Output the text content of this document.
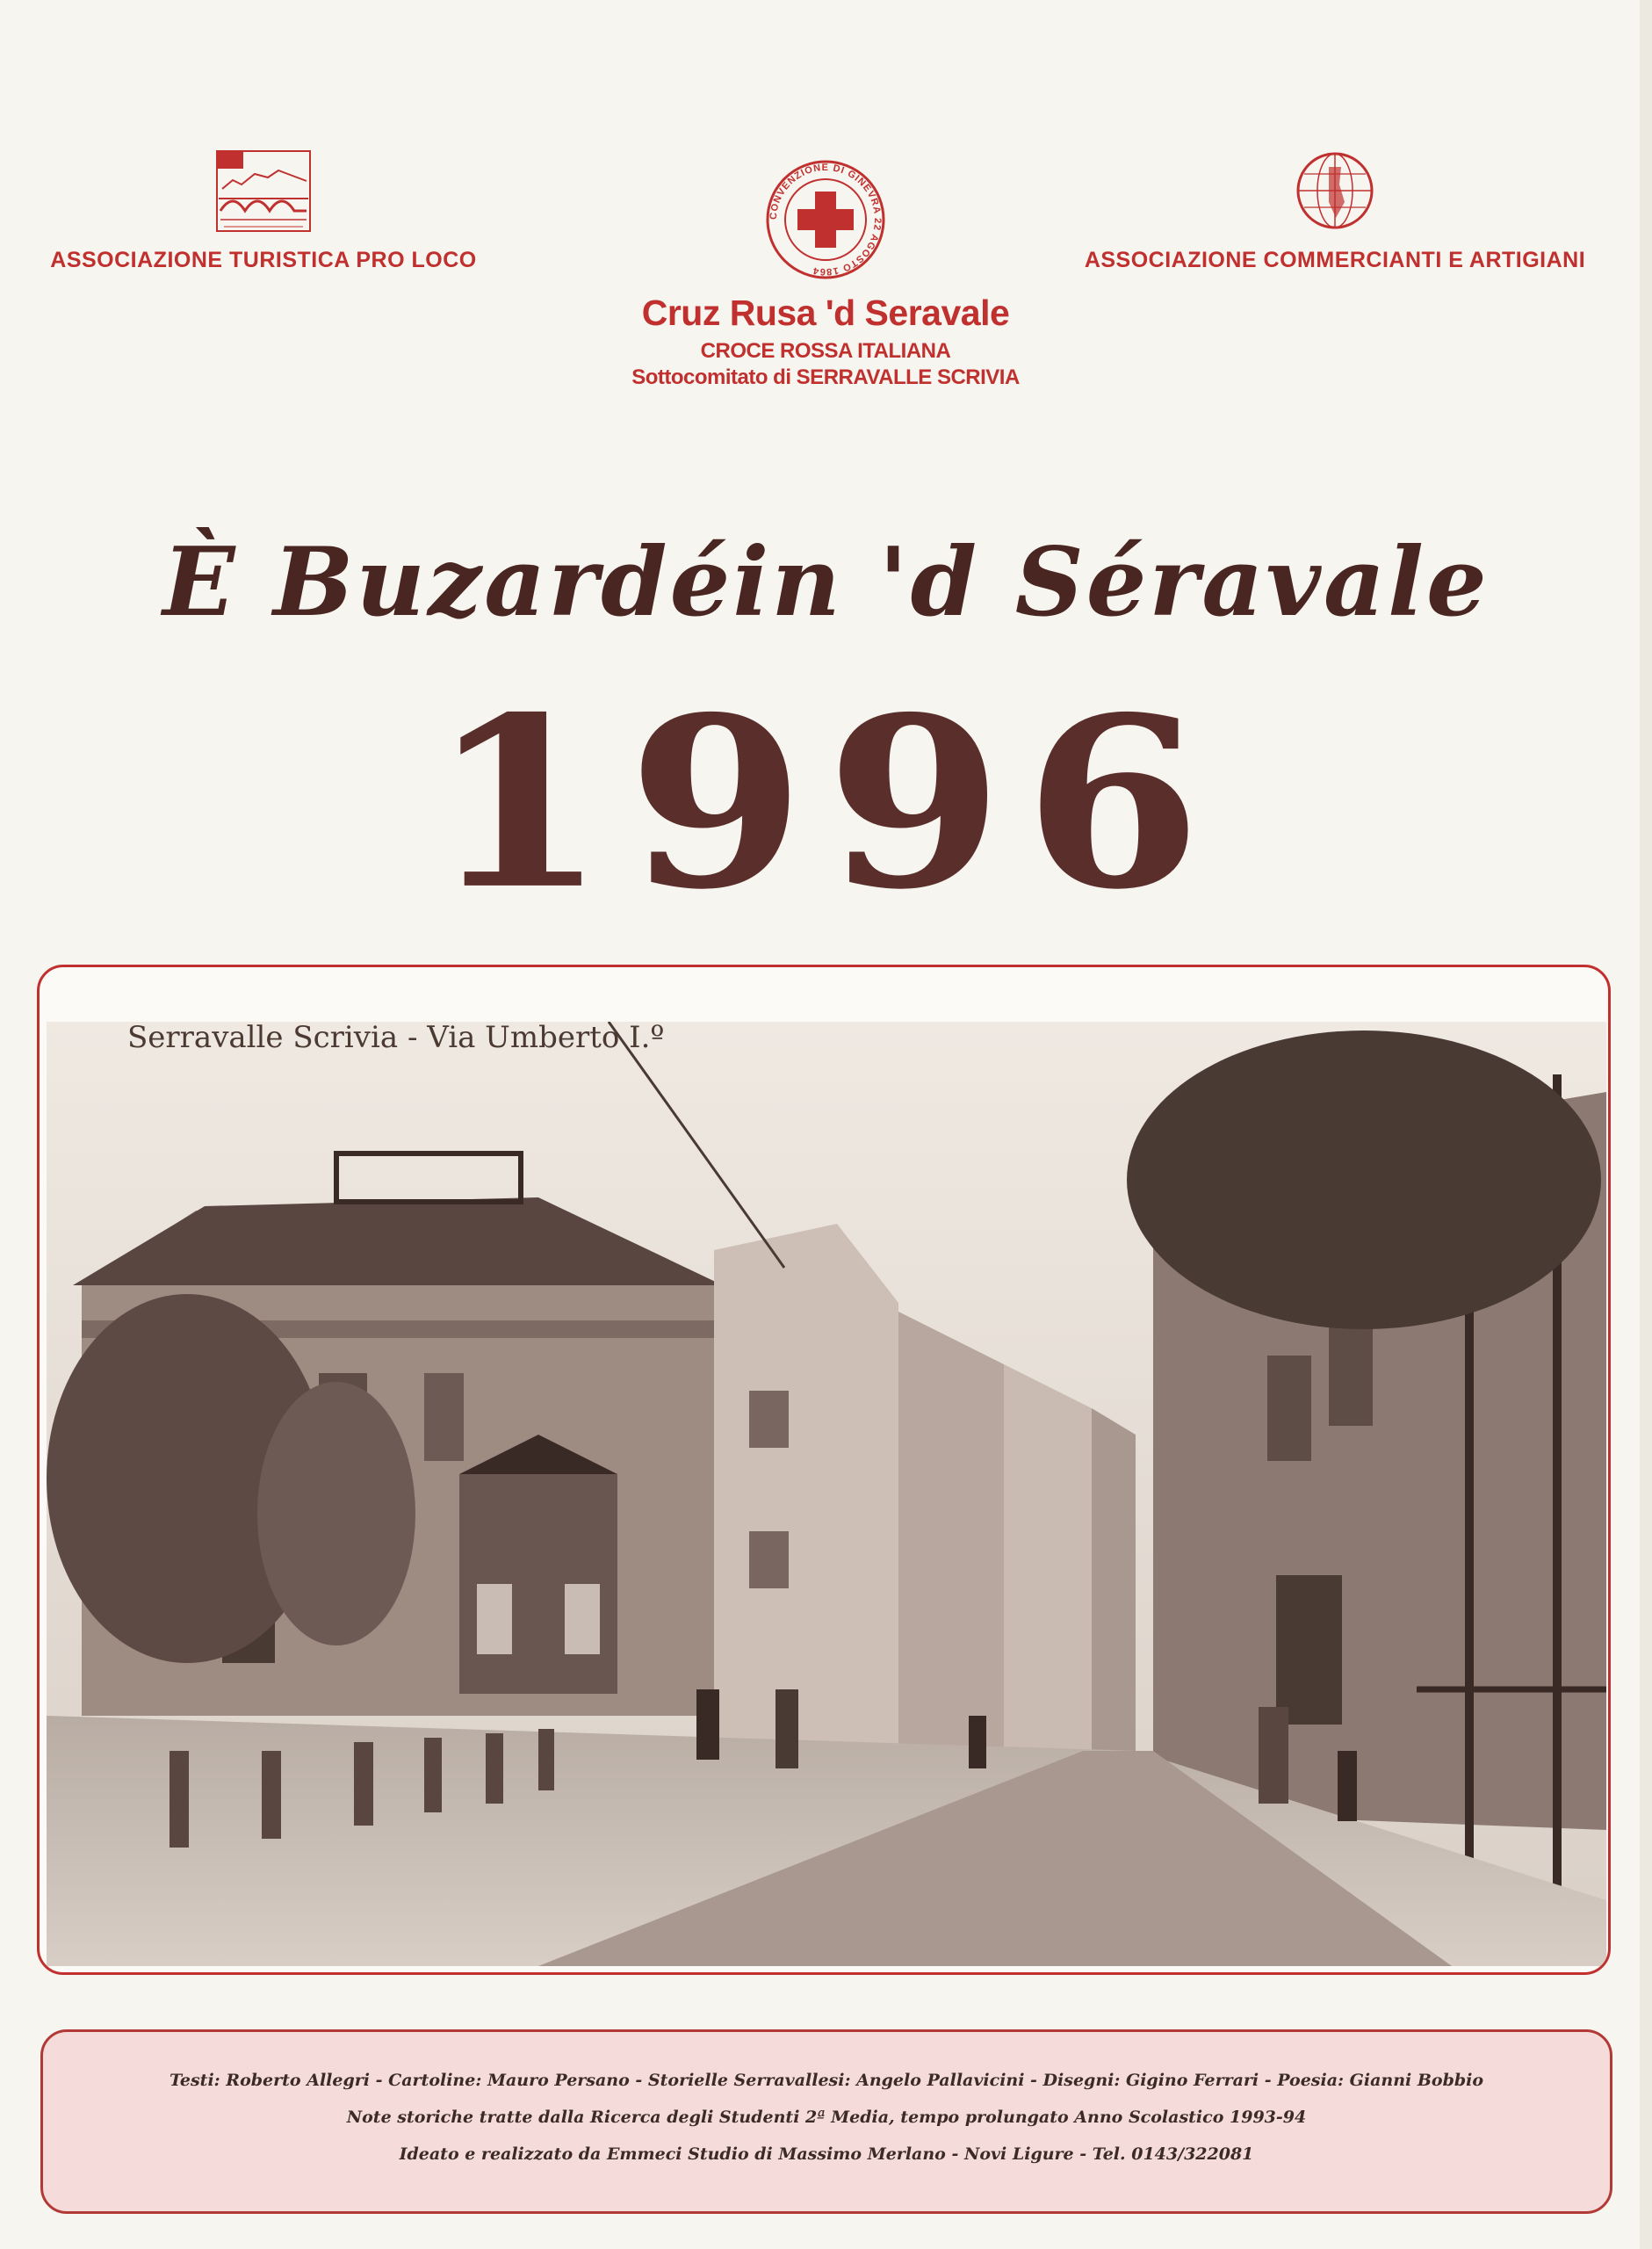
ASSOCIAZIONE TURISTICA PRO LOCO
CONVENZIONE DI GINEVRA 22 AGOSTO 1864
Cruz Rusa 'd Seravale
CROCE ROSSA ITALIANA
Sottocomitato di SERRAVALLE SCRIVIA
ASSOCIAZIONE COMMERCIANTI E ARTIGIANI
È Buzardéin 'd Séravale
1996
Serravalle Scrivia - Via Umberto I.º
Testi: Roberto Allegri - Cartoline: Mauro Persano - Storielle Serravallesi: Angelo Pallavicini - Disegni: Gigino Ferrari - Poesia: Gianni Bobbio
Note storiche tratte dalla Ricerca degli Studenti 2ª Media, tempo prolungato Anno Scolastico 1993-94
Ideato e realizzato da Emmeci Studio di Massimo Merlano - Novi Ligure - Tel. 0143/322081
